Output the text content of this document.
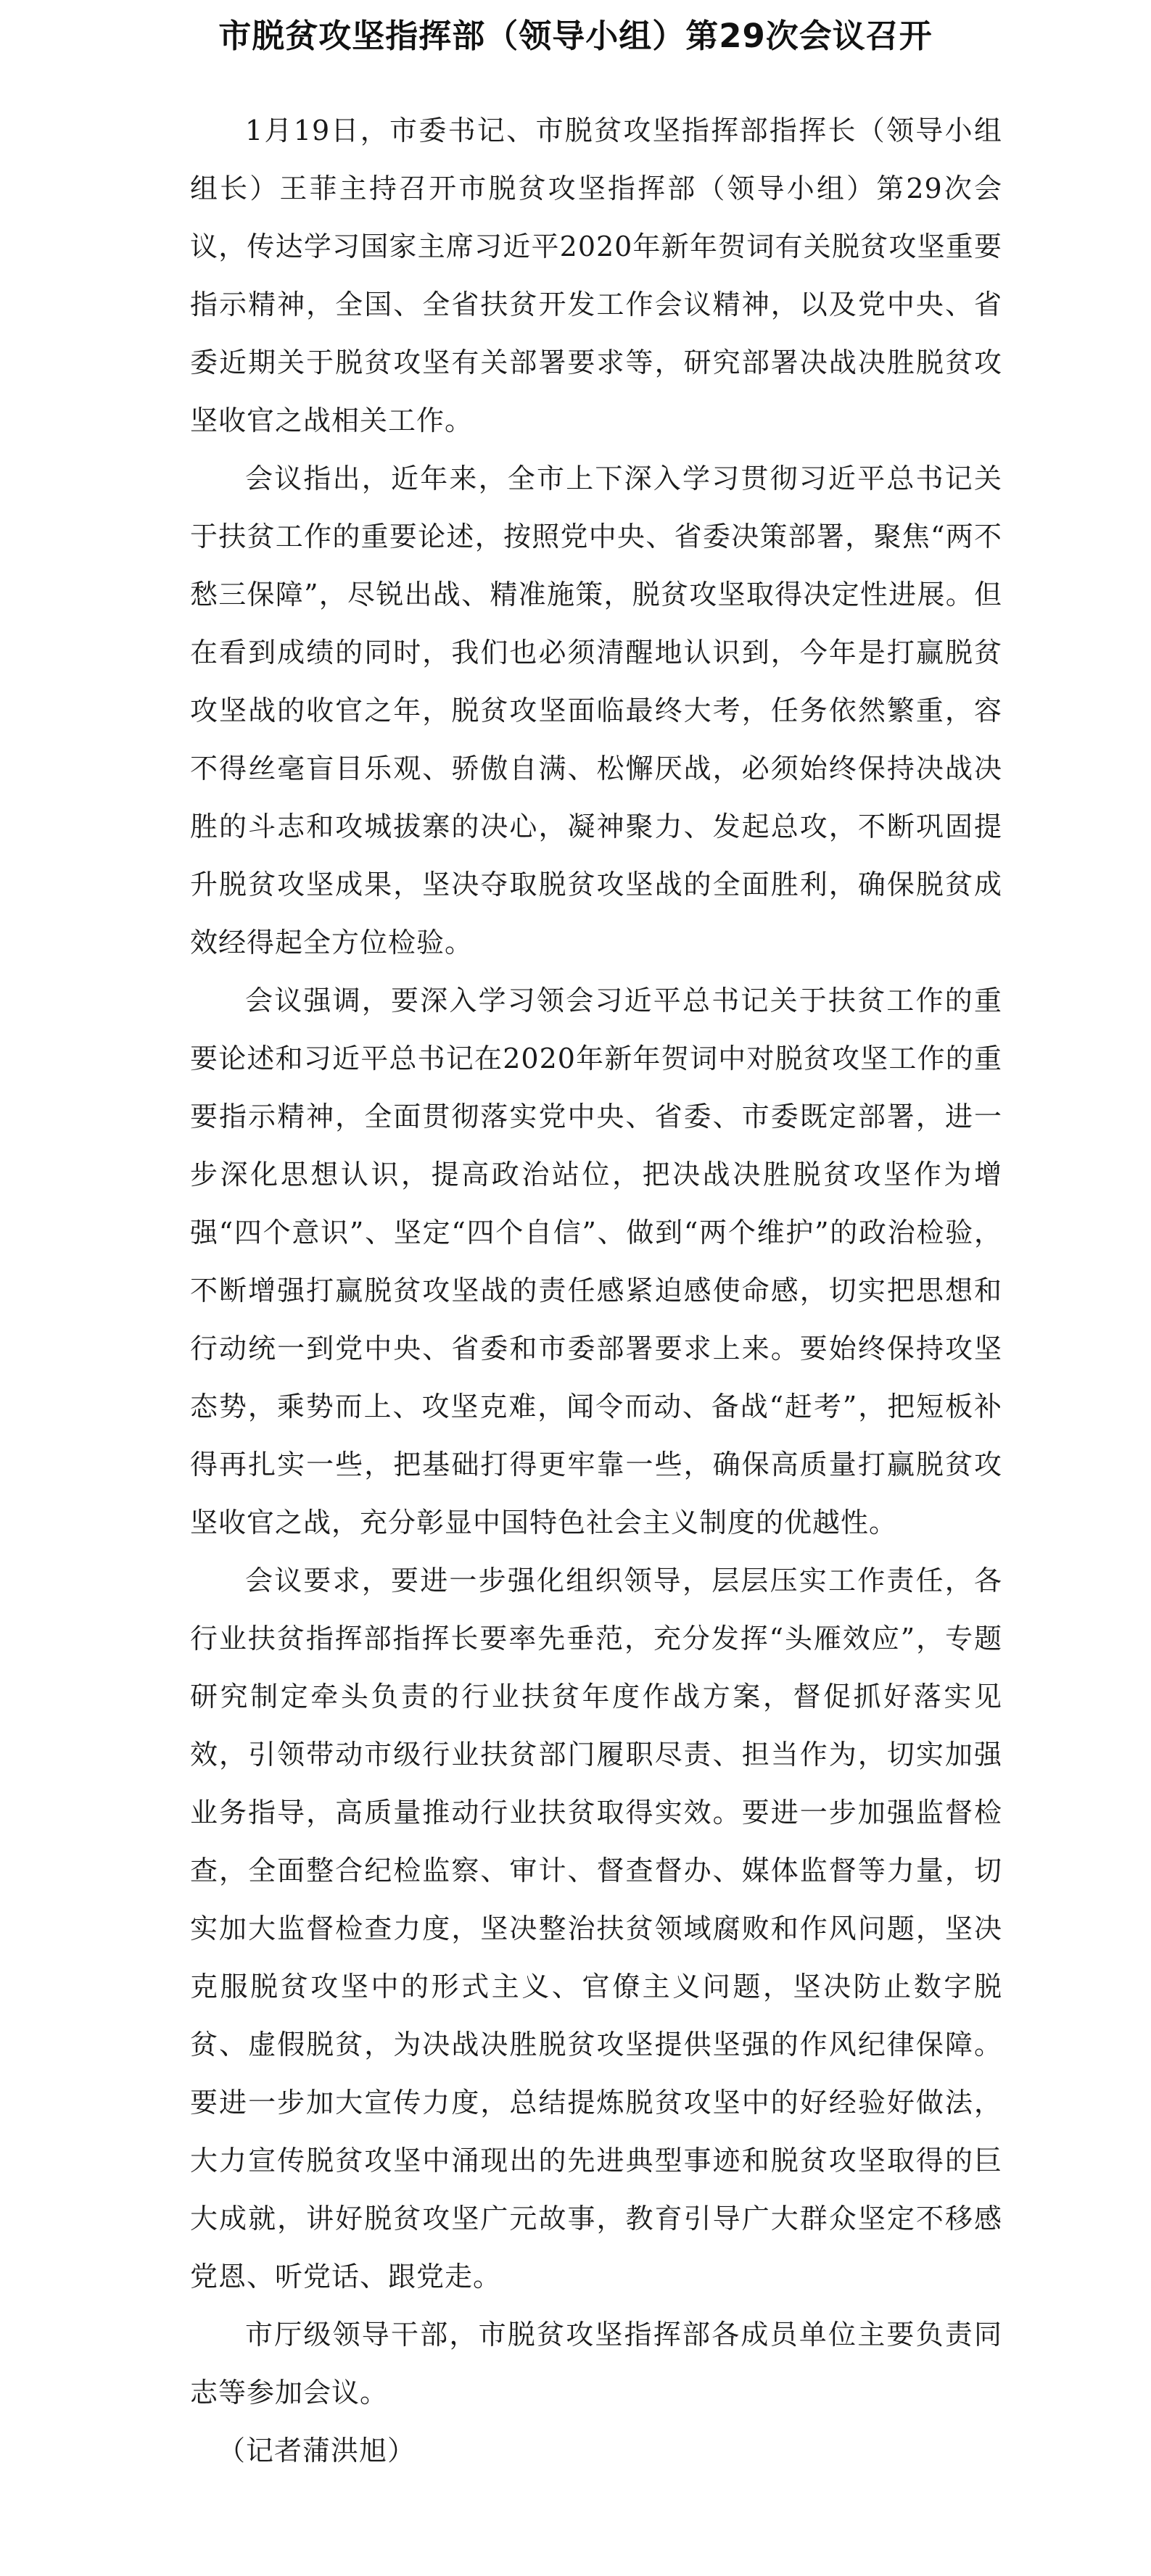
市脱贫攻坚指挥部（领导小组）第29次会议召开

1月19日，市委书记、市脱贫攻坚指挥部指挥长（领导小组组长）王菲主持召开市脱贫攻坚指挥部（领导小组）第29次会议，传达学习国家主席习近平2020年新年贺词有关脱贫攻坚重要指示精神，全国、全省扶贫开发工作会议精神，以及党中央、省委近期关于脱贫攻坚有关部署要求等，研究部署决战决胜脱贫攻坚收官之战相关工作。

会议指出，近年来，全市上下深入学习贯彻习近平总书记关于扶贫工作的重要论述，按照党中央、省委决策部署，聚焦“两不愁三保障”，尽锐出战、精准施策，脱贫攻坚取得决定性进展。但在看到成绩的同时，我们也必须清醒地认识到，今年是打赢脱贫攻坚战的收官之年，脱贫攻坚面临最终大考，任务依然繁重，容不得丝毫盲目乐观、骄傲自满、松懈厌战，必须始终保持决战决胜的斗志和攻城拔寨的决心，凝神聚力、发起总攻，不断巩固提升脱贫攻坚成果，坚决夺取脱贫攻坚战的全面胜利，确保脱贫成效经得起全方位检验。

会议强调，要深入学习领会习近平总书记关于扶贫工作的重要论述和习近平总书记在2020年新年贺词中对脱贫攻坚工作的重要指示精神，全面贯彻落实党中央、省委、市委既定部署，进一步深化思想认识，提高政治站位，把决战决胜脱贫攻坚作为增强“四个意识”、坚定“四个自信”、做到“两个维护”的政治检验，不断增强打赢脱贫攻坚战的责任感紧迫感使命感，切实把思想和行动统一到党中央、省委和市委部署要求上来。要始终保持攻坚态势，乘势而上、攻坚克难，闻令而动、备战“赶考”，把短板补得再扎实一些，把基础打得更牢靠一些，确保高质量打赢脱贫攻坚收官之战，充分彰显中国特色社会主义制度的优越性。

会议要求，要进一步强化组织领导，层层压实工作责任，各行业扶贫指挥部指挥长要率先垂范，充分发挥“头雁效应”，专题研究制定牵头负责的行业扶贫年度作战方案，督促抓好落实见效，引领带动市级行业扶贫部门履职尽责、担当作为，切实加强业务指导，高质量推动行业扶贫取得实效。要进一步加强监督检查，全面整合纪检监察、审计、督查督办、媒体监督等力量，切实加大监督检查力度，坚决整治扶贫领域腐败和作风问题，坚决克服脱贫攻坚中的形式主义、官僚主义问题，坚决防止数字脱贫、虚假脱贫，为决战决胜脱贫攻坚提供坚强的作风纪律保障。要进一步加大宣传力度，总结提炼脱贫攻坚中的好经验好做法，大力宣传脱贫攻坚中涌现出的先进典型事迹和脱贫攻坚取得的巨大成就，讲好脱贫攻坚广元故事，教育引导广大群众坚定不移感党恩、听党话、跟党走。

市厅级领导干部，市脱贫攻坚指挥部各成员单位主要负责同志等参加会议。

（记者蒲洪旭）
